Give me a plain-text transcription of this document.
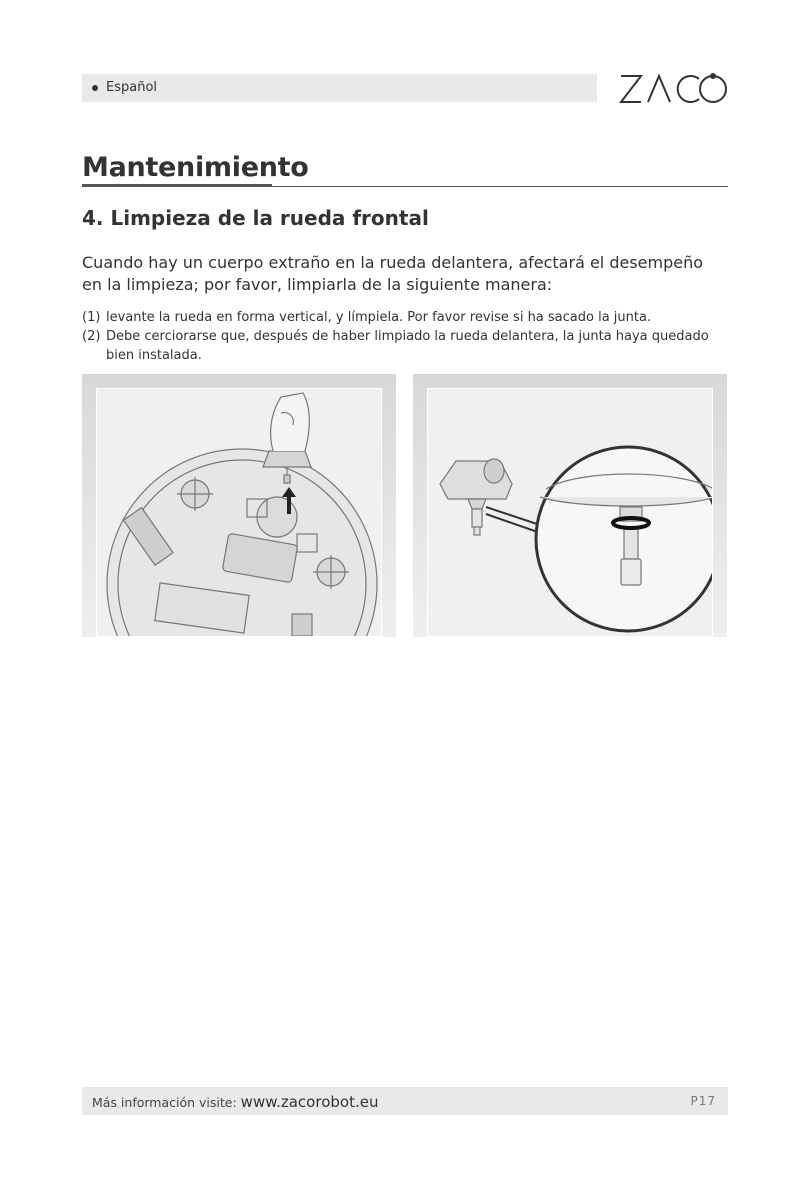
Español
Mantenimiento
4. Limpieza de la rueda frontal
Cuando hay un cuerpo extraño en la rueda delantera, afectará el desempeño en la limpieza; por favor, limpiarla de la siguiente manera:
(1) levante la rueda en forma vertical, y límpiela. Por favor revise si ha sacado la junta.
(2) Debe cerciorarse que, después de haber limpiado la rueda delantera, la junta haya quedado bien instalada.
Más información visite: www.zacorobot.eu	P17
